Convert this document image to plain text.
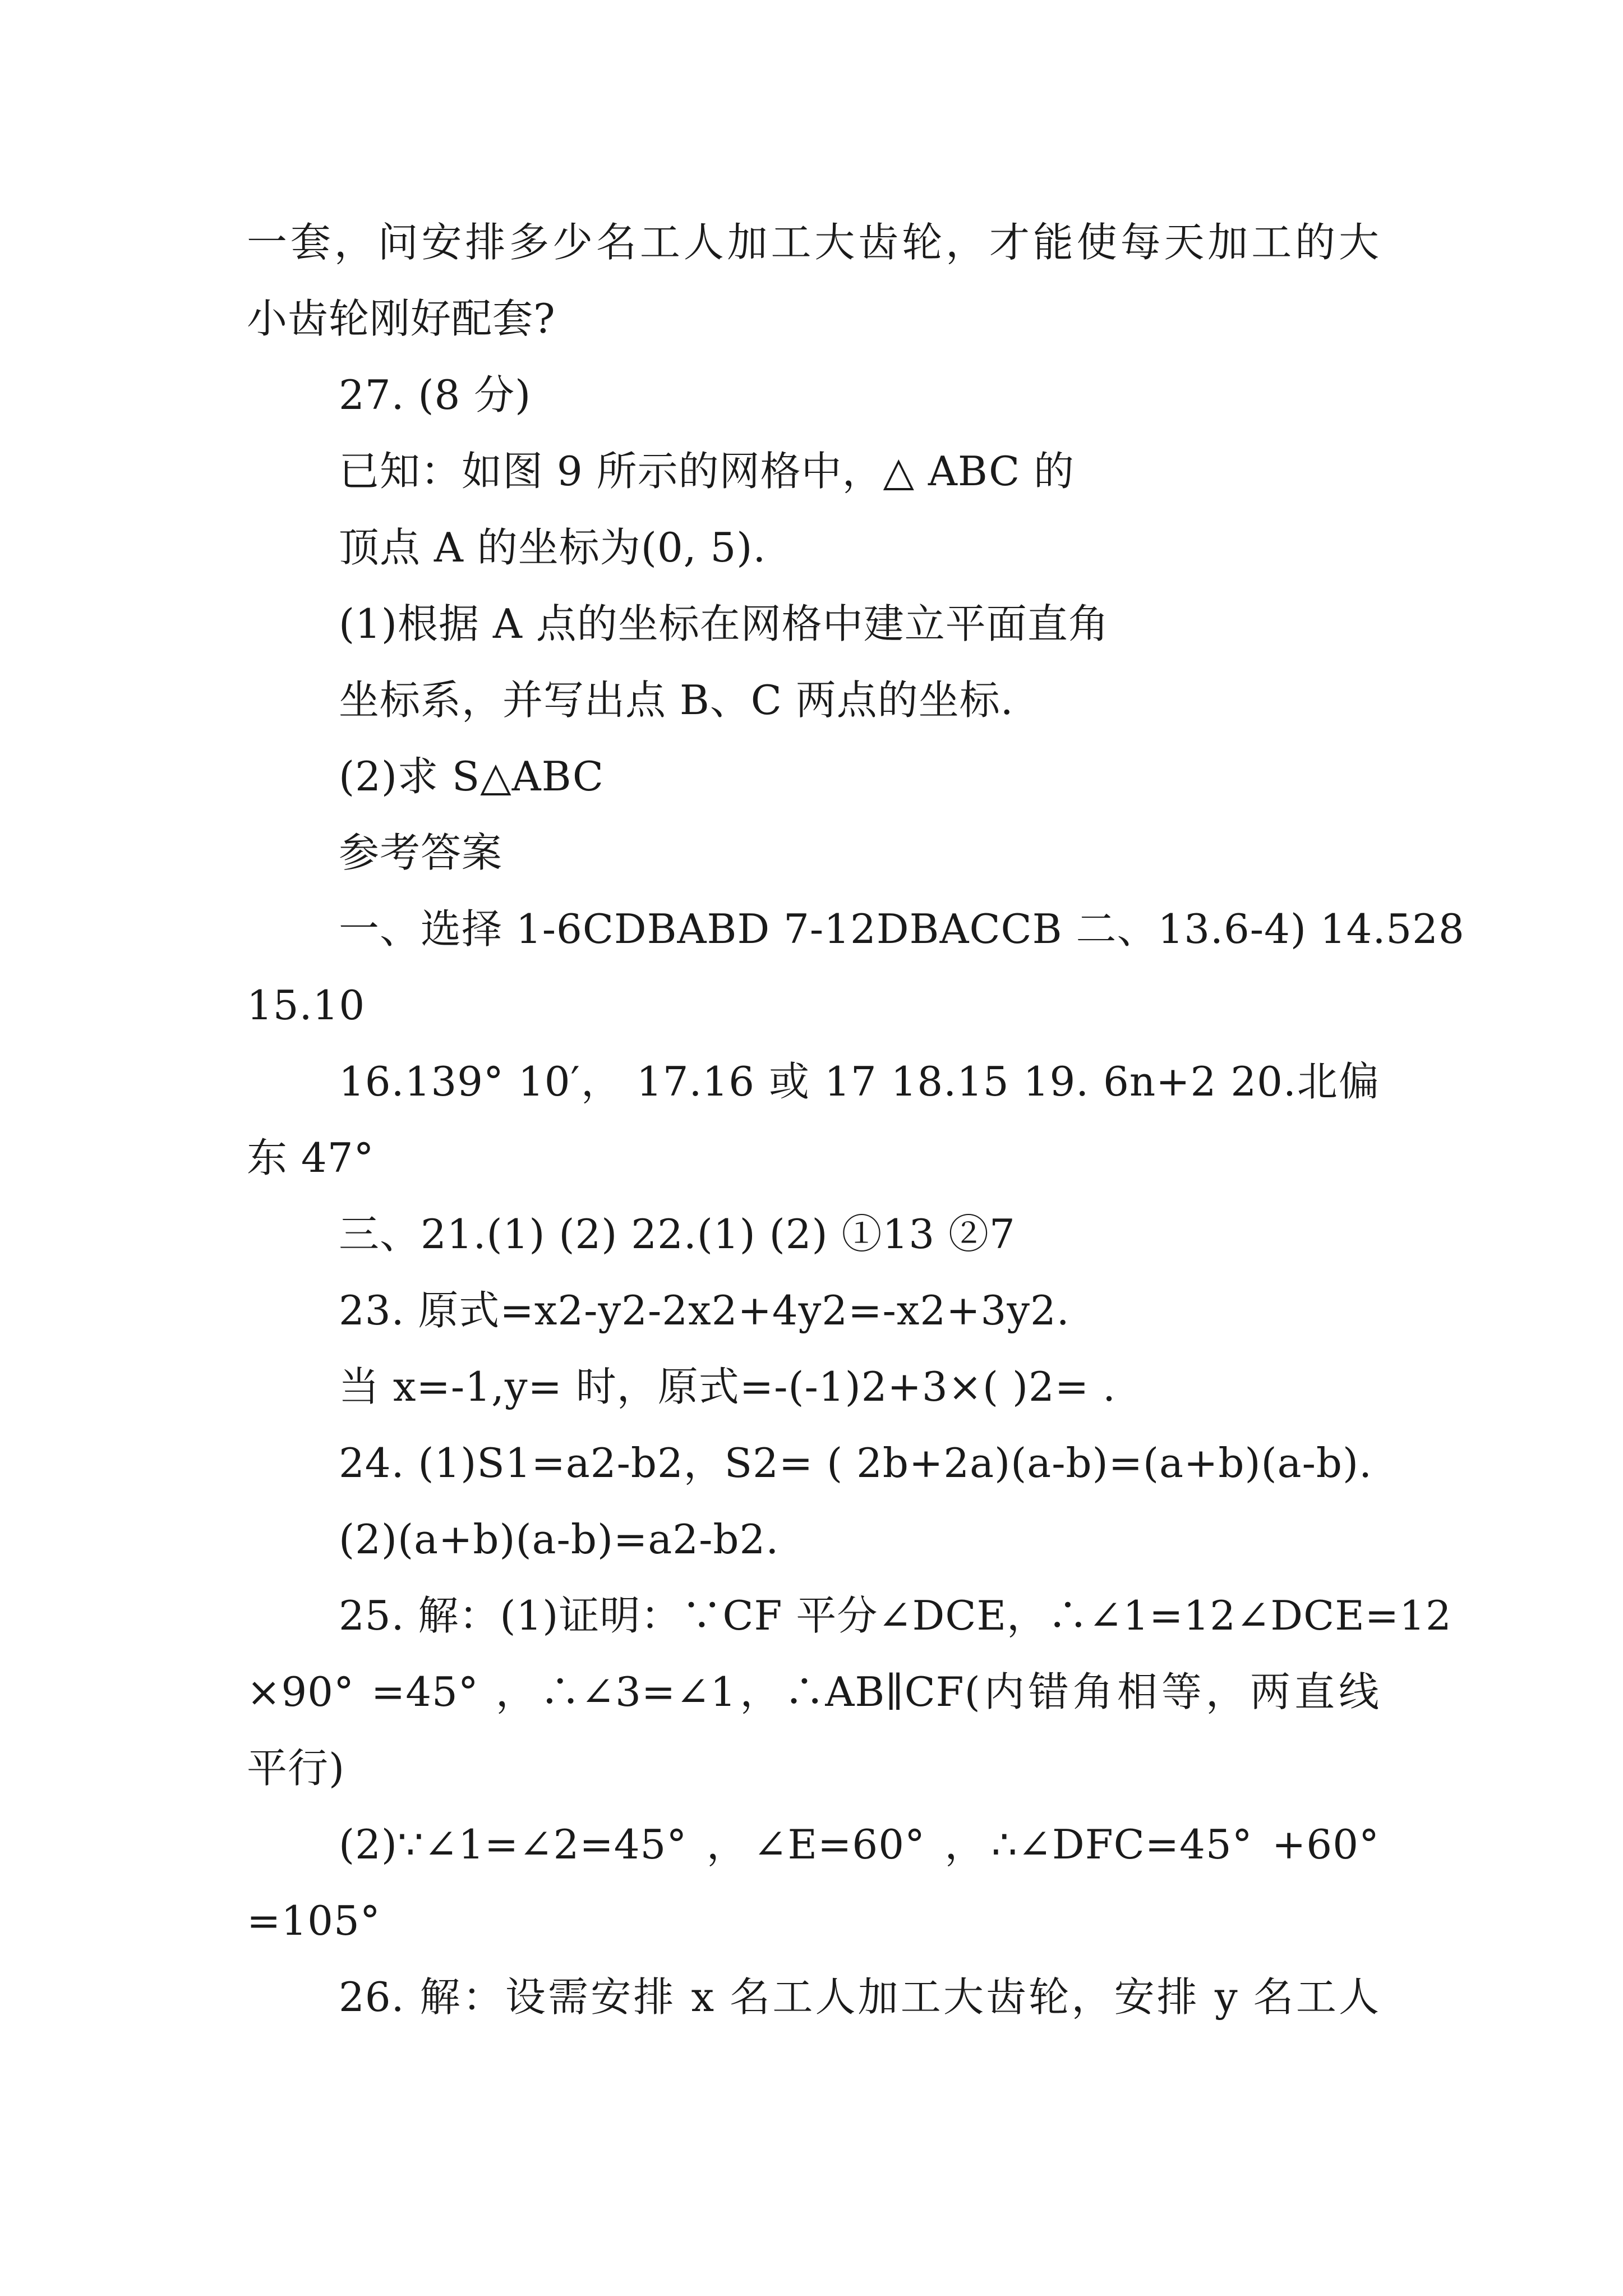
一套，问安排多少名工人加工大齿轮，才能使每天加工的大
小齿轮刚好配套?
27. (8 分)
已知：如图 9 所示的网格中，△ ABC 的
顶点 A 的坐标为(0, 5).
(1)根据 A 点的坐标在网格中建立平面直角
坐标系，并写出点 B、C 两点的坐标.
(2)求 S△ABC
参考答案
一、选择 1-6CDBABD 7-12DBACCB 二、13.6-4) 14.528
15.10
16.139° 10′， 17.16 或 17 18.15 19. 6n+2 20.北偏
东 47°
三、21.(1) (2) 22.(1) (2) ①13 ②7
23. 原式=x2-y2-2x2+4y2=-x2+3y2.
当 x=-1,y= 时，原式=-(-1)2+3×( )2= .
24. (1)S1=a2-b2，S2= ( 2b+2a)(a-b)=(a+b)(a-b).
(2)(a+b)(a-b)=a2-b2.
25. 解：(1)证明：∵CF 平分∠DCE，∴∠1=12∠DCE=12
×90° =45° ，∴∠3=∠1，∴AB∥CF(内错角相等，两直线
平行)
(2)∵∠1=∠2=45° ，∠E=60° ，∴∠DFC=45° +60°
=105°
26. 解：设需安排 x 名工人加工大齿轮，安排 y 名工人
